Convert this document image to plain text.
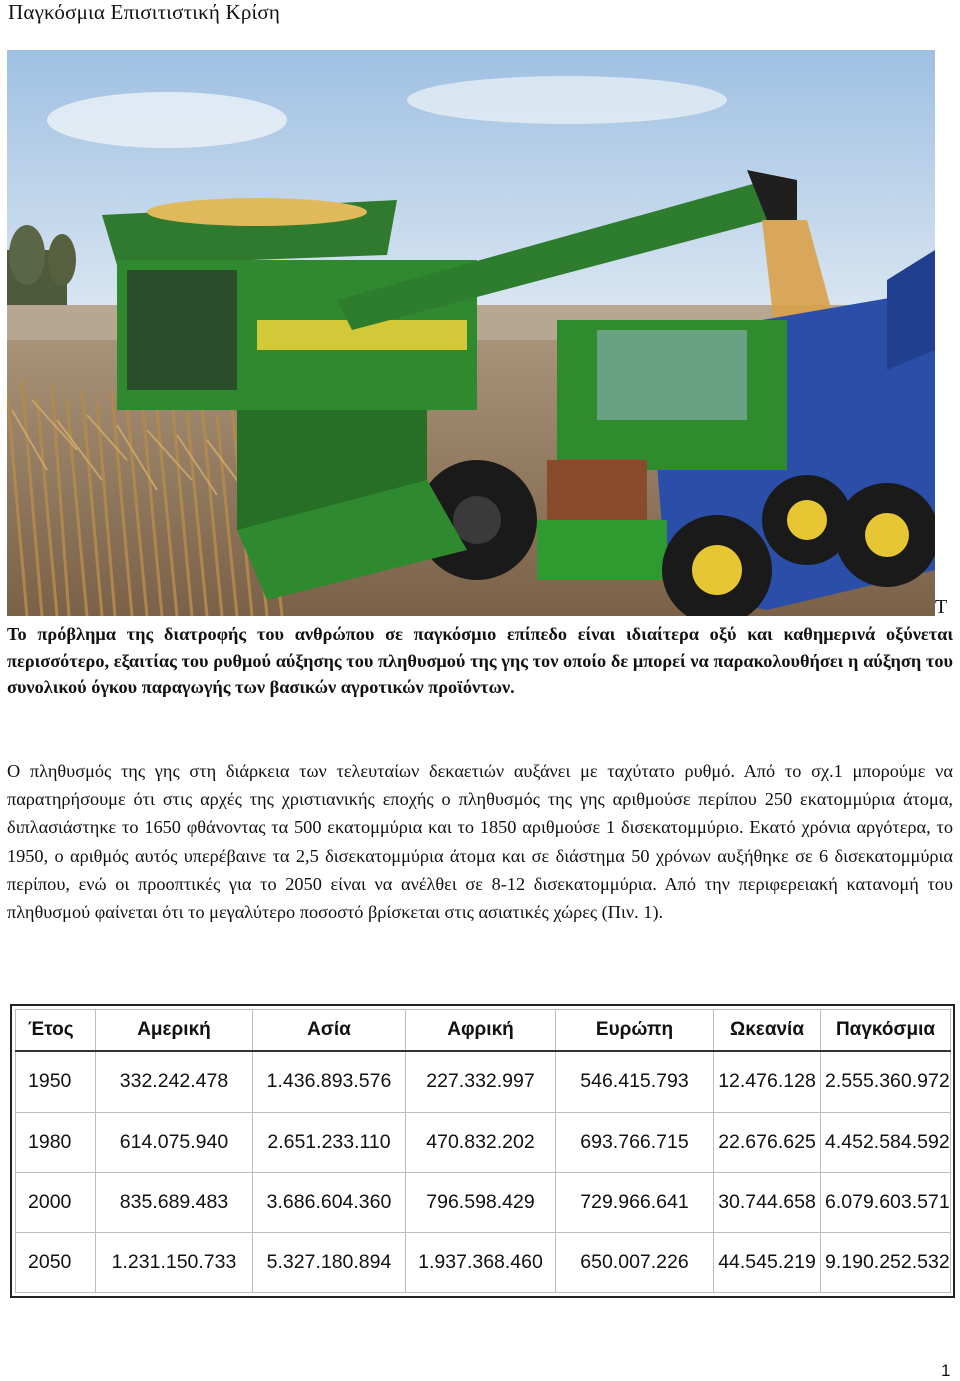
Παγκόσμια Επισιτιστική Κρίση
T
Το πρόβλημα της διατροφής του ανθρώπου σε παγκόσμιο επίπεδο είναι ιδιαίτερα οξύ και καθημερινά οξύνεται περισσότερο, εξαιτίας του ρυθμού αύξησης του πληθυσμού της γης τον οποίο δε μπορεί να παρακολουθήσει η αύξηση του συνολικού όγκου παραγωγής των βασικών αγροτικών προϊόντων.
Ο πληθυσμός της γης στη διάρκεια των τελευταίων δεκαετιών αυξάνει με ταχύτατο ρυθμό. Από το σχ.1 μπορούμε να παρατηρήσουμε ότι στις αρχές της χριστιανικής εποχής ο πληθυσμός της γης αριθμούσε περίπου 250 εκατομμύρια άτομα, διπλασιάστηκε το 1650 φθάνοντας τα 500 εκατομμύρια και το 1850 αριθμούσε 1 δισεκατομμύριο. Εκατό χρόνια αργότερα, το 1950, ο αριθμός αυτός υπερέβαινε τα 2,5 δισεκατομμύρια άτομα και σε διάστημα 50 χρόνων αυξήθηκε σε 6 δισεκατομμύρια περίπου, ενώ οι προοπτικές για το 2050 είναι να ανέλθει σε 8-12 δισεκατομμύρια. Από την περιφερειακή κατανομή του πληθυσμού φαίνεται ότι το μεγαλύτερο ποσοστό βρίσκεται στις ασιατικές χώρες (Πιν. 1).
Έτος	Αμερική	Ασία	Αφρική	Ευρώπη	Ωκεανία	Παγκόσμια
1950	332.242.478	1.436.893.576	227.332.997	546.415.793	12.476.128	2.555.360.972
1980	614.075.940	2.651.233.110	470.832.202	693.766.715	22.676.625	4.452.584.592
2000	835.689.483	3.686.604.360	796.598.429	729.966.641	30.744.658	6.079.603.571
2050	1.231.150.733	5.327.180.894	1.937.368.460	650.007.226	44.545.219	9.190.252.532
1
